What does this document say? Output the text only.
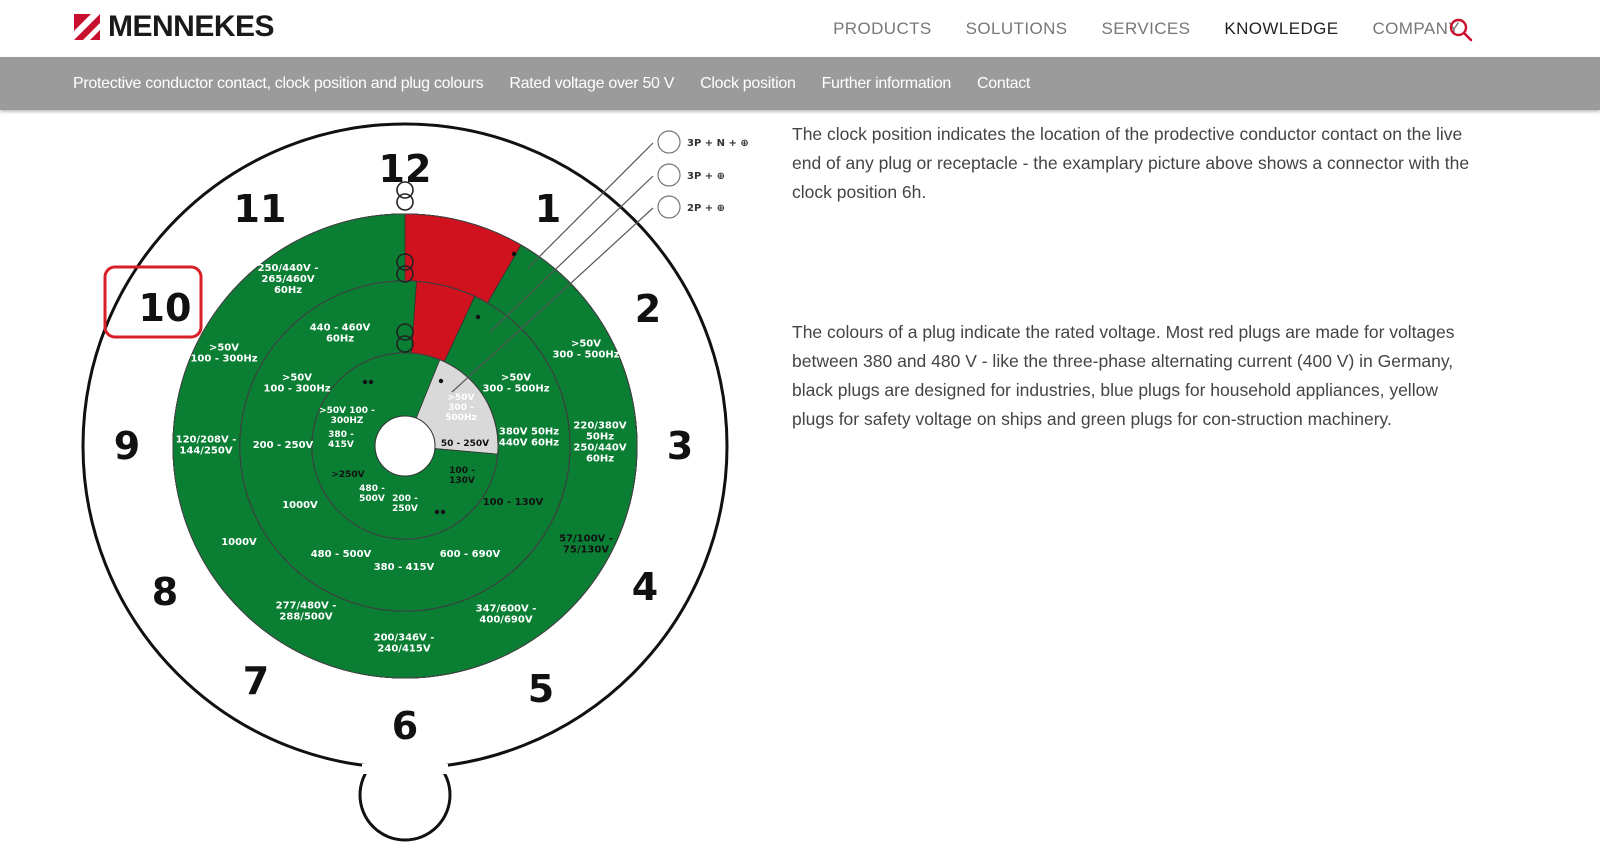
MENNEKES	PRODUCTS SOLUTIONS SERVICES KNOWLEDGE COMPANY
Protective conductor contact, clock position and plug colours Rated voltage over 50 V Clock position Further information Contact
12
1
2
3
4
5
6
7
8
9
10
11
250/440V -265/460V 60Hz
>50V 100 - 300Hz
120/208V -144/250V
1000V
277/480V -288/500V
200/346V -240/415V
347/600V -400/690V
57/100V -75/130V
220/380V 50Hz 250/440V 60Hz
>50V 300 - 500Hz
440 - 460V 60Hz
>50V 100 - 300Hz
200 - 250V
1000V
480 - 500V
380 - 415V
600 - 690V
100 - 130V
380V 50Hz 440V 60Hz
>50V 300 - 500Hz
>50V 100 -300HZ
380 -415V
>250V
480 -500V 200 -250V
100 -130V
50 - 250V
>50V 300 -500Hz
3P + N + ⊕
3P + ⊕
2P + ⊕

The clock position indicates the location of the prodective conductor contact on the live end of any plug or receptacle - the examplary picture above shows a connector with the clock position 6h.

The colours of a plug indicate the rated voltage. Most red plugs are made for voltages between 380 and 480 V - like the three-phase alternating current (400 V) in Germany, black plugs are designed for industries, blue plugs for household appliances, yellow plugs for safety voltage on ships and green plugs for con-struction machinery.
